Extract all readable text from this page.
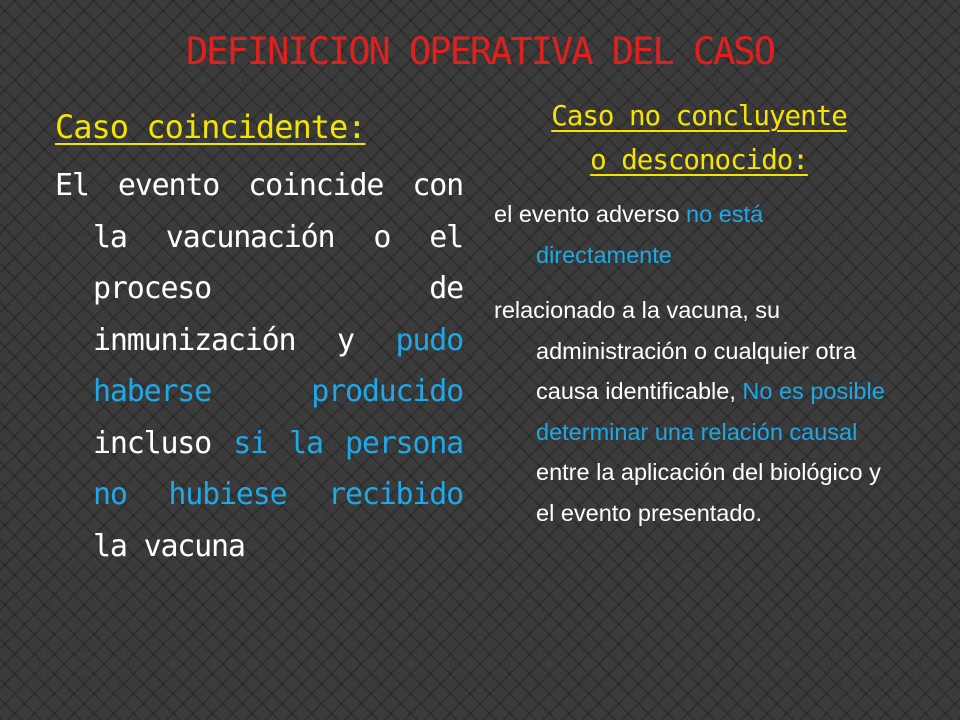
DEFINICION OPERATIVA DEL CASO
Caso coincidente:
El evento coincide con la vacunación o el proceso de inmunización y pudo haberse producido incluso si la persona no hubiese recibido la vacuna
Caso no concluyente
o desconocido:

el evento adverso no está directamente

relacionado a la vacuna, su administración o cualquier otra causa identificable, No es posible determinar una relación causal entre la aplicación del biológico y el evento presentado.
